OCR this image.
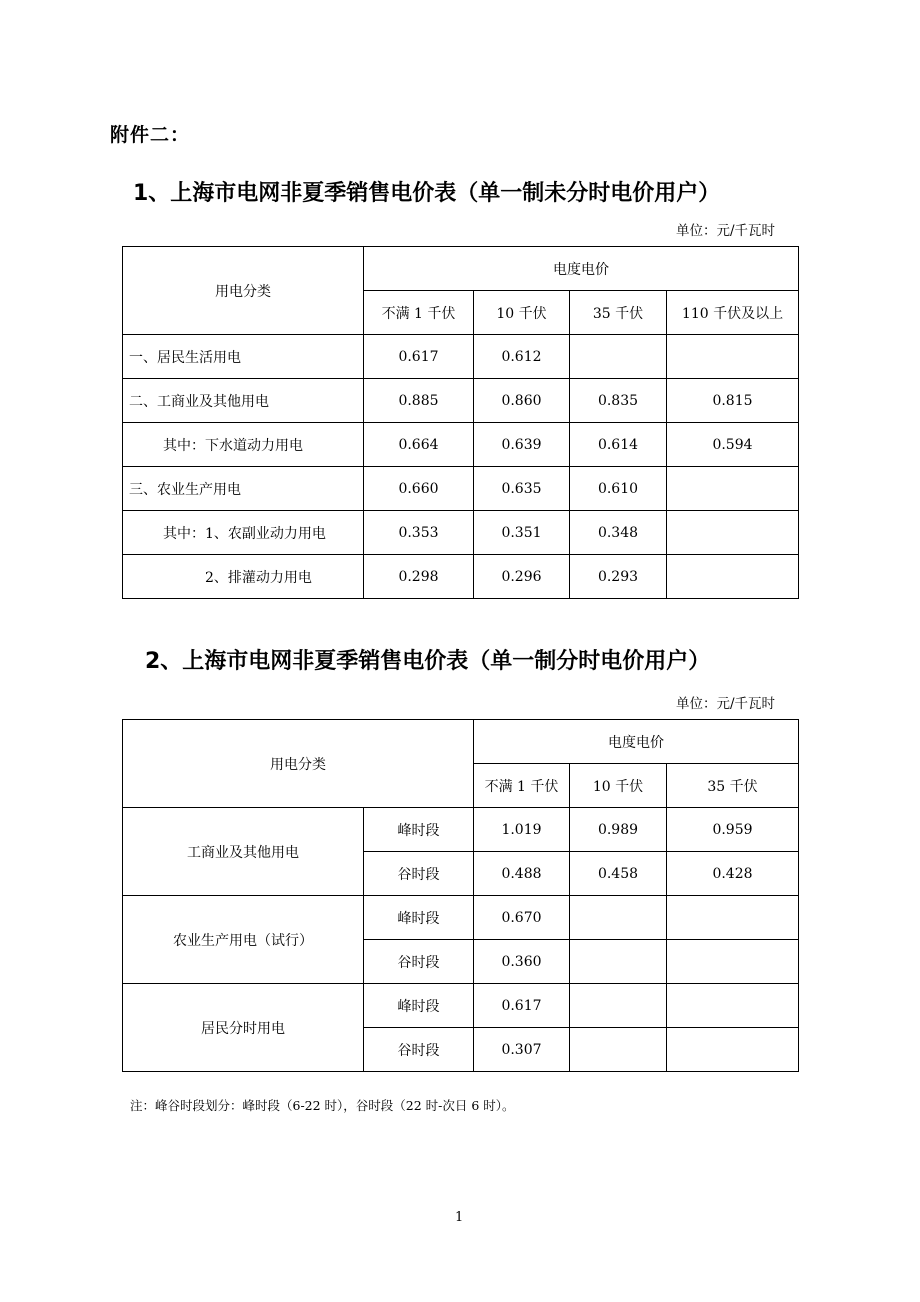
附件二：
1、上海市电网非夏季销售电价表（单一制未分时电价用户）
单位：元/千瓦时
用电分类	电度电价			
	不满 1 千伏	10 千伏	35 千伏	110 千伏及以上
一、居民生活用电	0.617	0.612		
二、工商业及其他用电	0.885	0.860	0.835	0.815
其中：下水道动力用电	0.664	0.639	0.614	0.594
三、农业生产用电	0.660	0.635	0.610	
其中：1、农副业动力用电	0.353	0.351	0.348	
2、排灌动力用电	0.298	0.296	0.293	
2、上海市电网非夏季销售电价表（单一制分时电价用户）
单位：元/千瓦时
用电分类		电度电价		
		不满 1 千伏	10 千伏	35 千伏
工商业及其他用电	峰时段	1.019	0.989	0.959
	谷时段	0.488	0.458	0.428
农业生产用电（试行）	峰时段	0.670		
	谷时段	0.360		
居民分时用电	峰时段	0.617		
	谷时段	0.307		
注：峰谷时段划分：峰时段（6-22 时），谷时段（22 时-次日 6 时）。
1
